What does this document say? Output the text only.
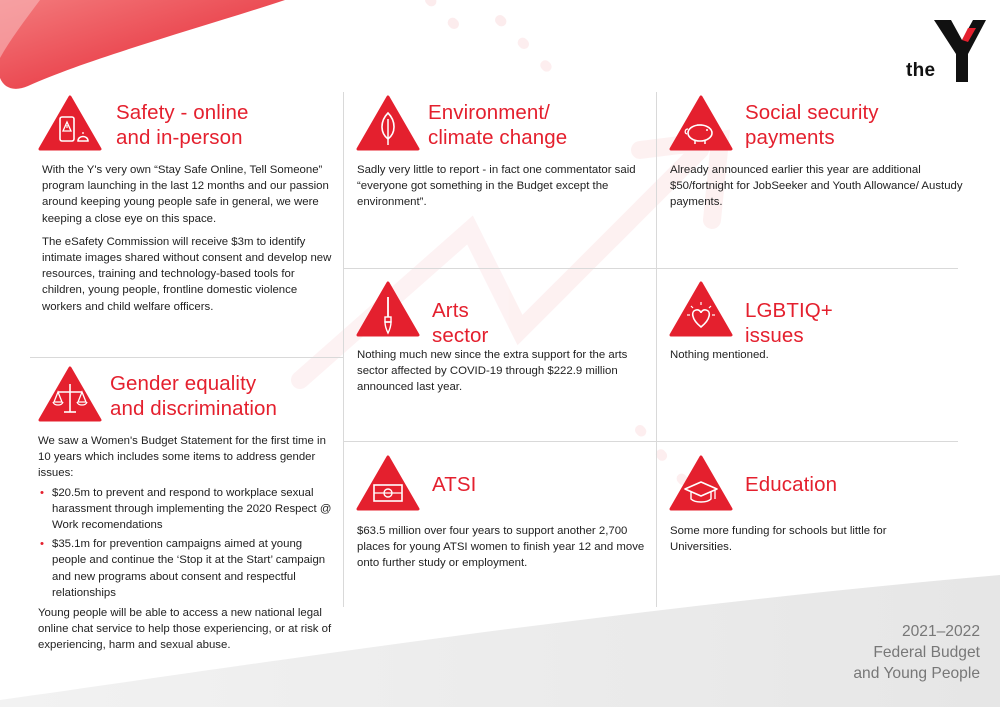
the
Safety - online
and in-person

With the Y's very own “Stay Safe Online, Tell Someone” program launching in the last 12 months and our passion around keeping young people safe in general, we were keeping a close eye on this space.

The eSafety Commission will receive $3m to identify intimate images shared without consent and develop new resources, training and technology-based tools for children, young people, frontline domestic violence workers and child welfare officers.

Gender equality
and discrimination

We saw a Women's Budget Statement for the first time in 10 years which includes some items to address gender issues:

• $20.5m to prevent and respond to workplace sexual harassment through implementing the 2020 Respect @ Work recomendations
• $35.1m for prevention campaigns aimed at young people and continue the ‘Stop it at the Start’ campaign and new programs about consent and respectful relationships

Young people will be able to access a new national legal online chat service to help those experiencing, or at risk of experiencing, harm and sexual abuse.

Environment/
climate change

Sadly very little to report - in fact one commentator said “everyone got something in the Budget except the environment”.

Arts sector

Nothing much new since the extra support for the arts sector affected by COVID-19 through $222.9 million announced last year.

ATSI

$63.5 million over four years to support another 2,700 places for young ATSI women to finish year 12 and move onto further study or employment.

Social security
payments

Already announced earlier this year are additional $50/fortnight for JobSeeker and Youth Allowance/ Austudy payments.

LGBTIQ+ issues

Nothing mentioned.

Education

Some more funding for schools but little for Universities.

2021–2022
Federal Budget
and Young People
